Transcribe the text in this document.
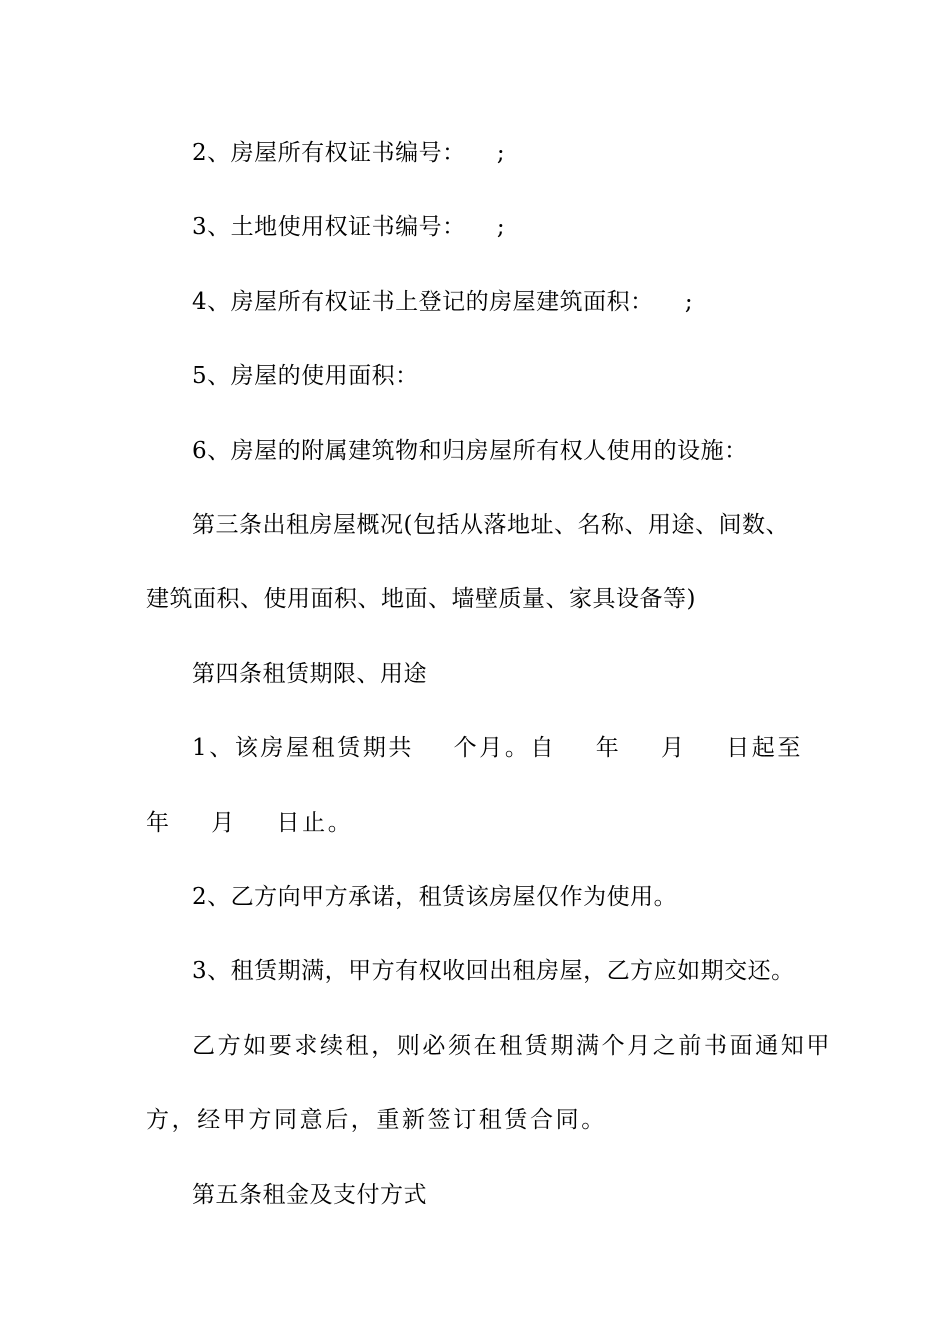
2、房屋所有权证书编号：    ;

3、土地使用权证书编号：    ;

4、房屋所有权证书上登记的房屋建筑面积：    ;

5、房屋的使用面积：

6、房屋的附属建筑物和归房屋所有权人使用的设施：

第三条出租房屋概况(包括从落地址、名称、用途、间数、

建筑面积、使用面积、地面、墙壁质量、家具设备等)

第四条租赁期限、用途

1、该房屋租赁期共    个月。自    年    月    日起至

年    月    日止。

2、乙方向甲方承诺，租赁该房屋仅作为使用。

3、租赁期满，甲方有权收回出租房屋，乙方应如期交还。

乙方如要求续租，则必须在租赁期满个月之前书面通知甲

方，经甲方同意后，重新签订租赁合同。

第五条租金及支付方式
